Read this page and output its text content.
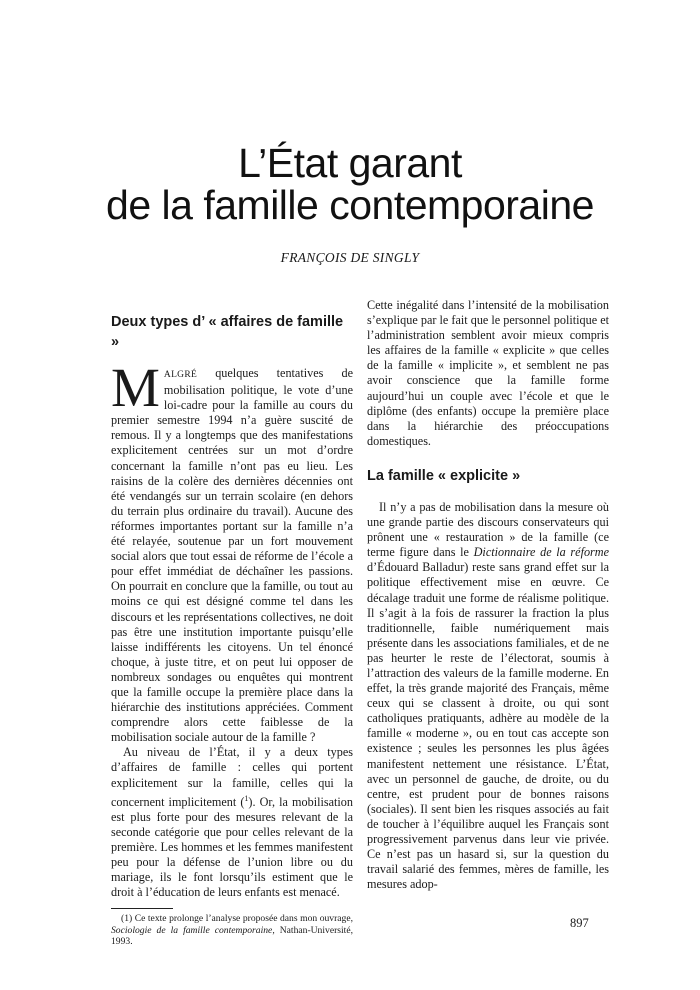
L’État garant
de la famille contemporaine
FRANÇOIS DE SINGLY
Deux types d’ « affaires de famille »

MALGRÉ quelques tentatives de mobilisation politique, le vote d’une loi-cadre pour la famille au cours du premier semestre 1994 n’a guère suscité de remous. Il y a longtemps que des manifestations explicitement centrées sur un mot d’ordre concernant la famille n’ont pas eu lieu. Les raisins de la colère des dernières décennies ont été vendangés sur un terrain scolaire (en dehors du terrain plus ordinaire du travail). Aucune des réformes importantes portant sur la famille n’a été relayée, soutenue par un fort mouvement social alors que tout essai de réforme de l’école a pour effet immédiat de déchaîner les passions. On pourrait en conclure que la famille, ou tout au moins ce qui est désigné comme tel dans les discours et les représentations collectives, ne doit pas être une institution importante puisqu’elle laisse indifférents les citoyens. Un tel énoncé choque, à juste titre, et on peut lui opposer de nombreux sondages ou enquêtes qui montrent que la famille occupe la première place dans la hiérarchie des institutions appréciées. Comment comprendre alors cette faiblesse de la mobilisation sociale autour de la famille ?

Au niveau de l’État, il y a deux types d’affaires de famille : celles qui portent explicitement sur la famille, celles qui la concernent implicitement ($^1$). Or, la mobilisation est plus forte pour des mesures relevant de la seconde catégorie que pour celles relevant de la première. Les hommes et les femmes manifestent peu pour la défense de l’union libre ou du mariage, ils le font lorsqu’ils estiment que le droit à l’éducation de leurs enfants est menacé.

(1) Ce texte prolonge l’analyse proposée dans mon ouvrage, Sociologie de la famille contemporaine, Nathan-Université, 1993.

Cette inégalité dans l’intensité de la mobilisation s’explique par le fait que le personnel politique et l’administration semblent avoir mieux compris les affaires de la famille « explicite » que celles de la famille « implicite », et semblent ne pas avoir conscience que la famille forme aujourd’hui un couple avec l’école et que le diplôme (des enfants) occupe la première place dans la hiérarchie des préoccupations domestiques.

La famille « explicite »

Il n’y a pas de mobilisation dans la mesure où une grande partie des discours conservateurs qui prônent une « restauration » de la famille (ce terme figure dans le Dictionnaire de la réforme d’Édouard Balladur) reste sans grand effet sur la politique effectivement mise en œuvre. Ce décalage traduit une forme de réalisme politique. Il s’agit à la fois de rassurer la fraction la plus traditionnelle, faible numériquement mais présente dans les associations familiales, et de ne pas heurter le reste de l’électorat, soumis à l’attraction des valeurs de la famille moderne. En effet, la très grande majorité des Français, même ceux qui se classent à droite, ou qui sont catholiques pratiquants, adhère au modèle de la famille « moderne », ou en tout cas accepte son existence ; seules les personnes les plus âgées manifestent nettement une résistance. L’État, avec un personnel de gauche, de droite, ou du centre, est prudent pour de bonnes raisons (sociales). Il sent bien les risques associés au fait de toucher à l’équilibre auquel les Français sont progressivement parvenus dans leur vie privée. Ce n’est pas un hasard si, sur la question du travail salarié des femmes, mères de famille, les mesures adop-

897
